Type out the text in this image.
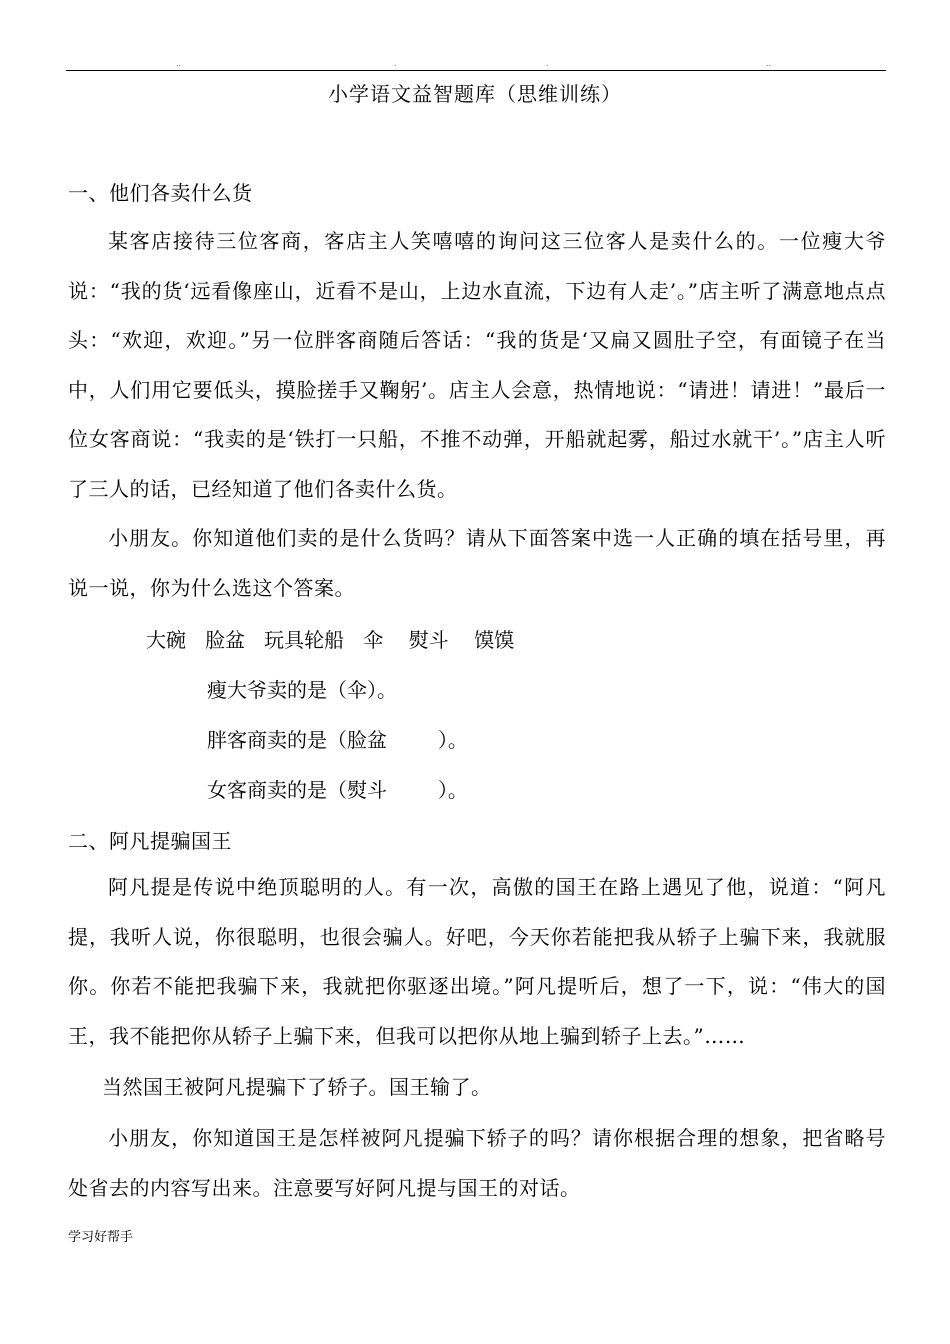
..	.	.	..
小学语文益智题库（思维训练）
一、他们各卖什么货

某客店接待三位客商，客店主人笑嘻嘻的询问这三位客人是卖什么的。一位瘦大爷说：“我的货‘远看像座山，近看不是山，上边水直流，下边有人走’。”店主听了满意地点点头：“欢迎，欢迎。”另一位胖客商随后答话：“我的货是‘又扁又圆肚子空，有面镜子在当中，人们用它要低头，摸脸搓手又鞠躬’。店主人会意，热情地说：“请进！请进！”最后一位女客商说：“我卖的是‘铁打一只船，不推不动弹，开船就起雾，船过水就干’。”店主人听了三人的话，已经知道了他们各卖什么货。

小朋友。你知道他们卖的是什么货吗？请从下面答案中选一人正确的填在括号里，再说一说，你为什么选这个答案。

大碗   脸盆   玩具轮船   伞    熨斗    馍馍
瘦大爷卖的是（伞）。
胖客商卖的是（脸盆        ）。
女客商卖的是（熨斗        ）。
二、阿凡提骗国王

阿凡提是传说中绝顶聪明的人。有一次，高傲的国王在路上遇见了他，说道：“阿凡提，我听人说，你很聪明，也很会骗人。好吧，今天你若能把我从轿子上骗下来，我就服你。你若不能把我骗下来，我就把你驱逐出境。”阿凡提听后，想了一下，说：“伟大的国王，我不能把你从轿子上骗下来，但我可以把你从地上骗到轿子上去。”……

当然国王被阿凡提骗下了轿子。国王输了。

小朋友，你知道国王是怎样被阿凡提骗下轿子的吗？请你根据合理的想象，把省略号处省去的内容写出来。注意要写好阿凡提与国王的对话。

学习好帮手
